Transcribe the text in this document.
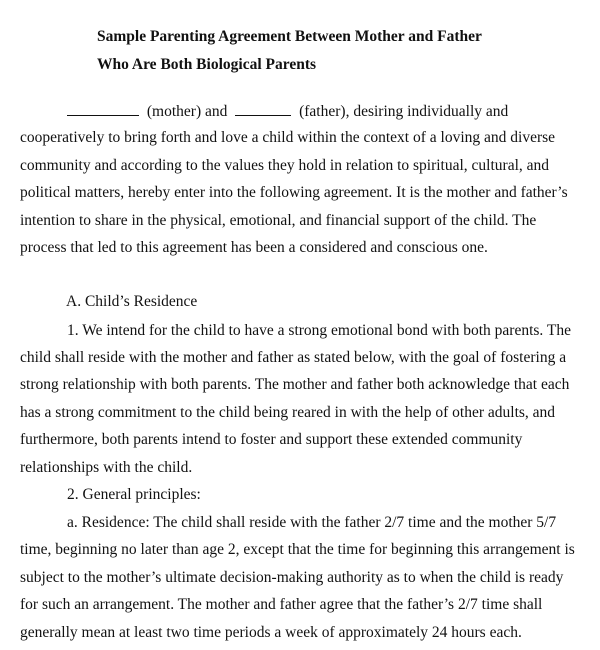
Sample Parenting Agreement Between Mother and Father
Who Are Both Biological Parents
(mother) and	(father), desiring individually and
cooperatively to bring forth and love a child within the context of a loving and diverse
community and according to the values they hold in relation to spiritual, cultural, and
political matters, hereby enter into the following agreement. It is the mother and father’s
intention to share in the physical, emotional, and financial support of the child. The
process that led to this agreement has been a considered and conscious one.
A. Child’s Residence
1. We intend for the child to have a strong emotional bond with both parents. The
child shall reside with the mother and father as stated below, with the goal of fostering a
strong relationship with both parents. The mother and father both acknowledge that each
has a strong commitment to the child being reared in with the help of other adults, and
furthermore, both parents intend to foster and support these extended community
relationships with the child.
2. General principles:
a. Residence: The child shall reside with the father 2/7 time and the mother 5/7
time, beginning no later than age 2, except that the time for beginning this arrangement is
subject to the mother’s ultimate decision-making authority as to when the child is ready
for such an arrangement. The mother and father agree that the father’s 2/7 time shall
generally mean at least two time periods a week of approximately 24 hours each.
